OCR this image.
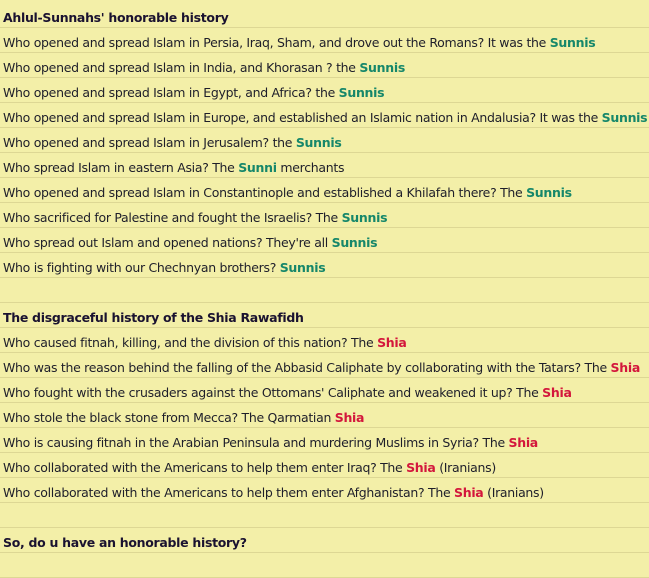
Ahlul-Sunnahs' honorable history
Who opened and spread Islam in Persia, Iraq, Sham, and drove out the Romans? It was the Sunnis
Who opened and spread Islam in India, and Khorasan ? the Sunnis
Who opened and spread Islam in Egypt, and Africa? the Sunnis
Who opened and spread Islam in Europe, and established an Islamic nation in Andalusia? It was the Sunnis
Who opened and spread Islam in Jerusalem? the Sunnis
Who spread Islam in eastern Asia? The Sunni merchants
Who opened and spread Islam in Constantinople and established a Khilafah there? The Sunnis
Who sacrificed for Palestine and fought the Israelis? The Sunnis
Who spread out Islam and opened nations? They're all Sunnis
Who is fighting with our Chechnyan brothers? Sunnis
The disgraceful history of the Shia Rawafidh
Who caused fitnah, killing, and the division of this nation? The Shia
Who was the reason behind the falling of the Abbasid Caliphate by collaborating with the Tatars? The Shia
Who fought with the crusaders against the Ottomans' Caliphate and weakened it up? The Shia
Who stole the black stone from Mecca? The Qarmatian Shia
Who is causing fitnah in the Arabian Peninsula and murdering Muslims in Syria? The Shia
Who collaborated with the Americans to help them enter Iraq? The Shia (Iranians)
Who collaborated with the Americans to help them enter Afghanistan? The Shia (Iranians)
So, do u have an honorable history?
